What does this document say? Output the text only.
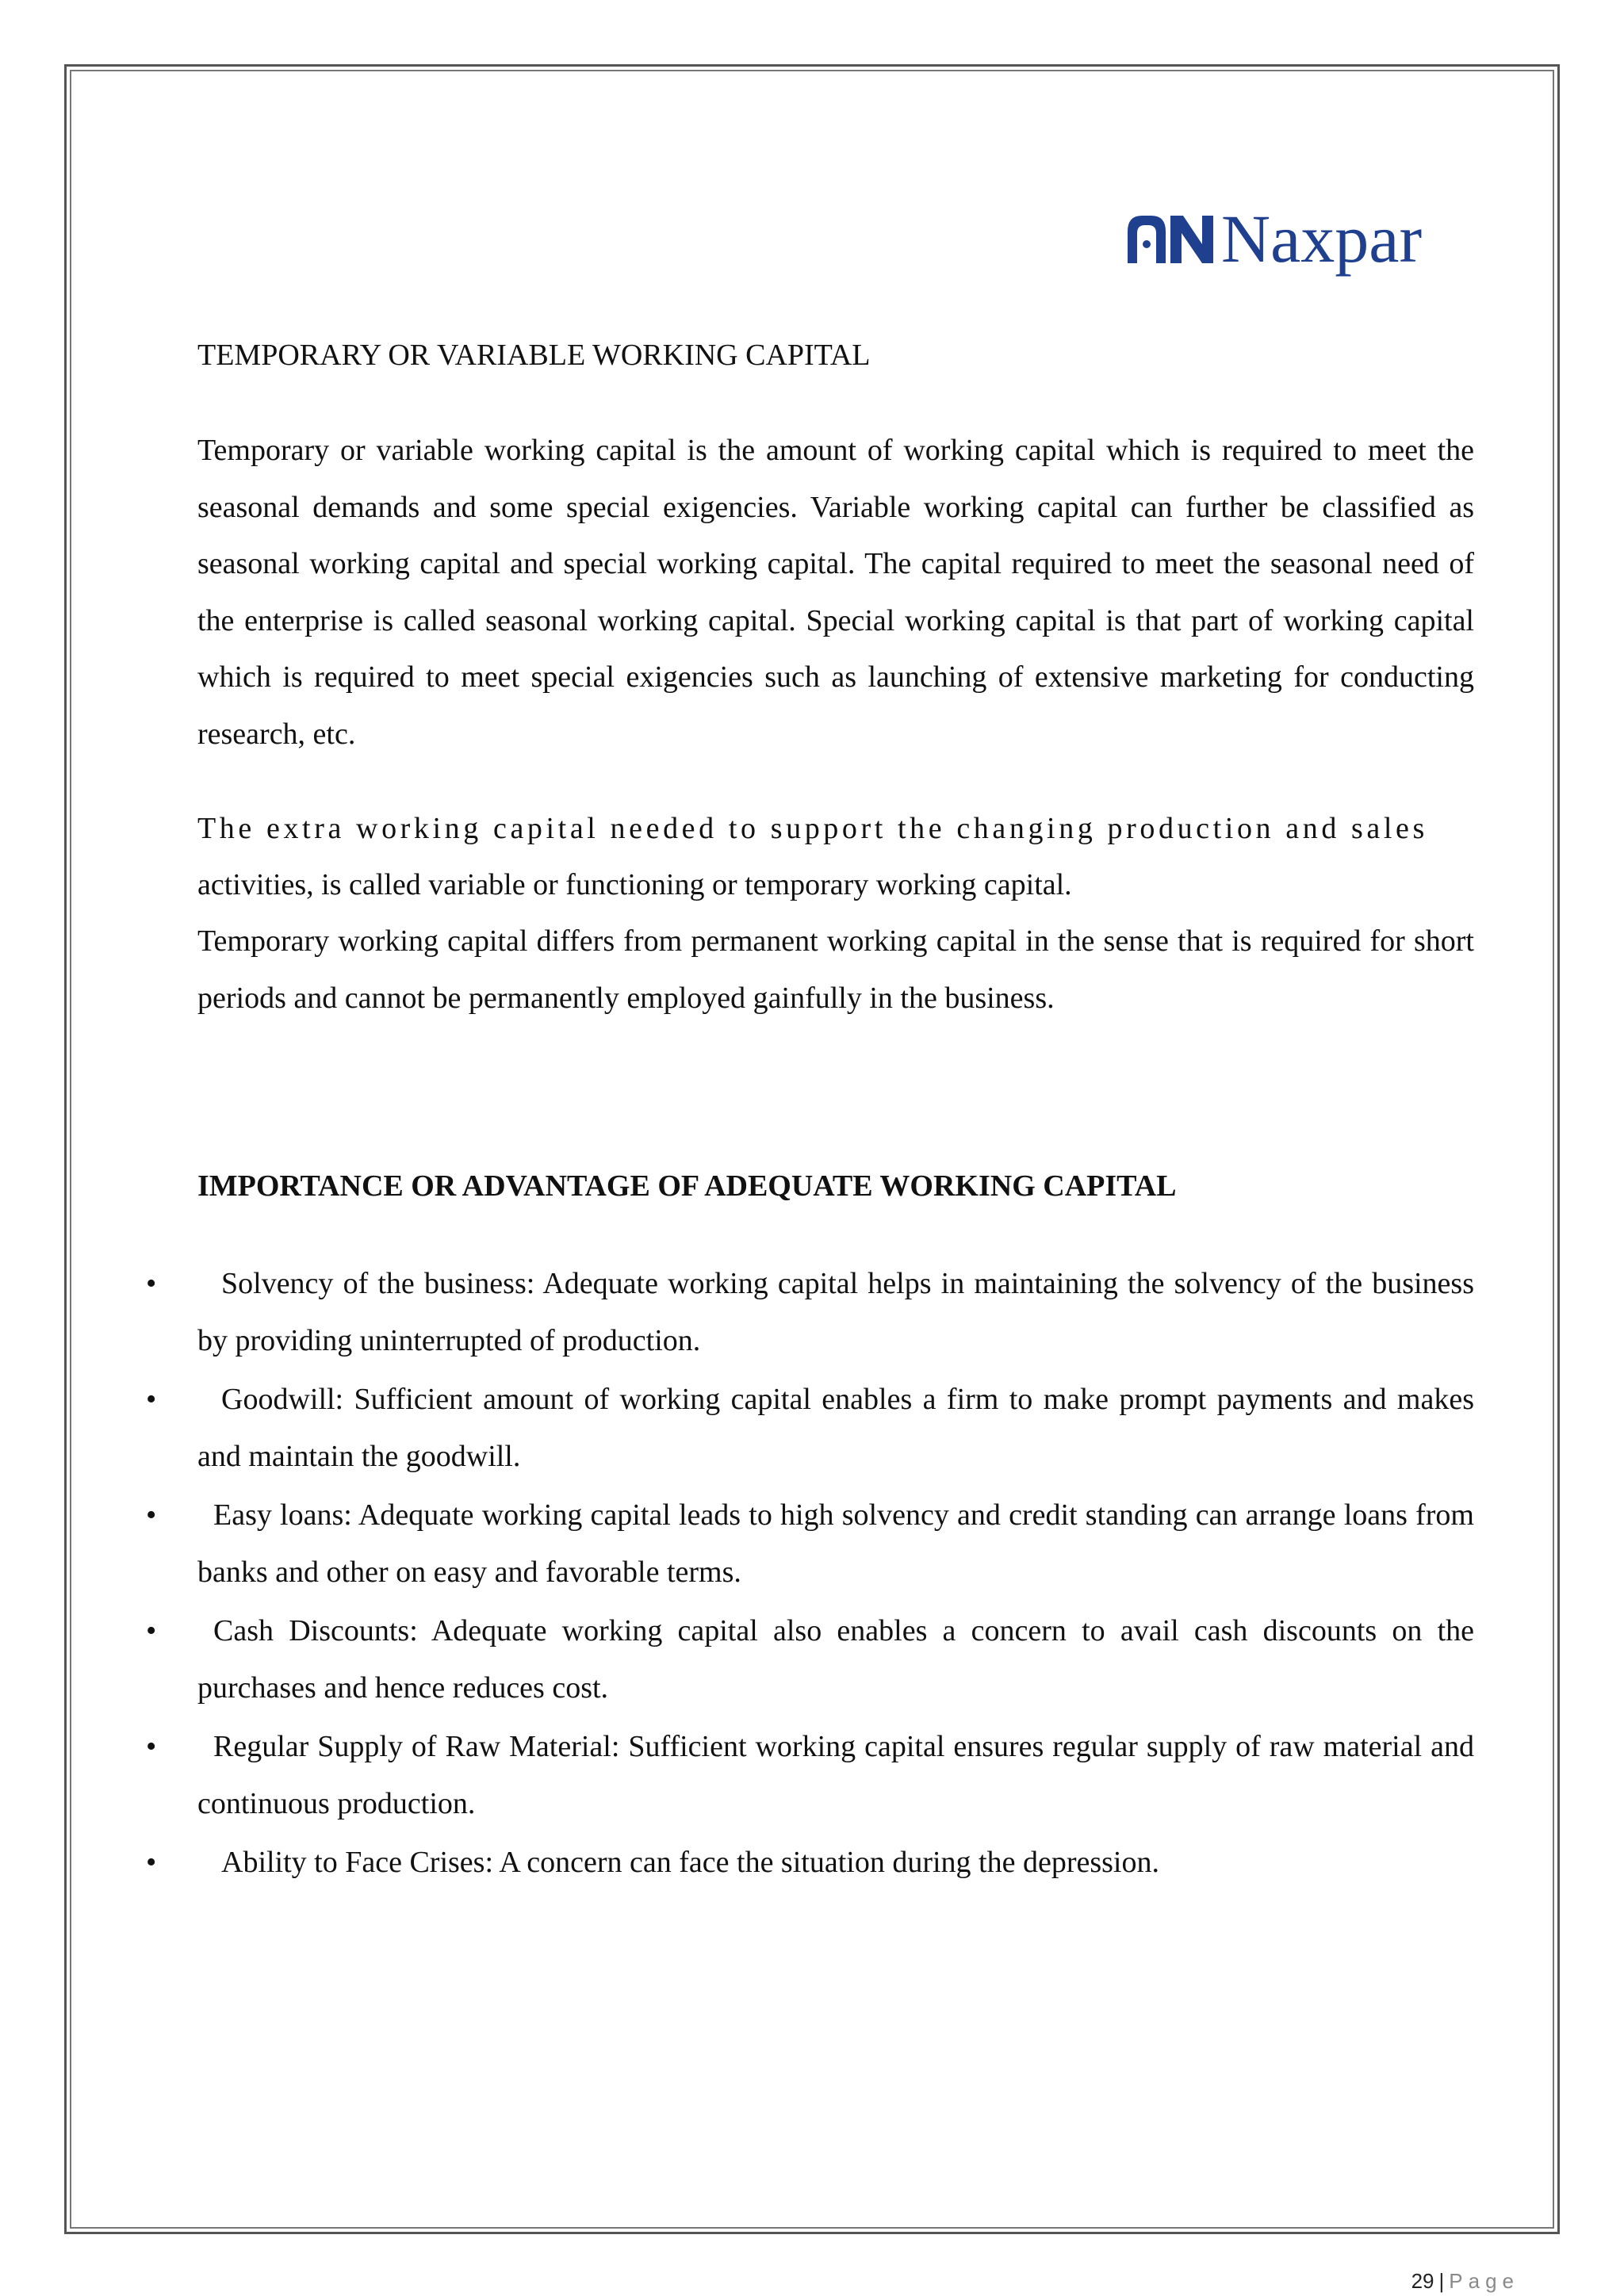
Naxpar
TEMPORARY OR VARIABLE WORKING CAPITAL

Temporary or variable working capital is the amount of working capital which is required to meet the seasonal demands and some special exigencies. Variable working capital can further be classified as seasonal working capital and special working capital. The capital required to meet the seasonal need of the enterprise is called seasonal working capital. Special working capital is that part of working capital which is required to meet special exigencies such as launching of extensive marketing for conducting research, etc.

The extra working capital needed to support the changing production and sales
activities, is called variable or functioning or temporary working capital.

Temporary working capital differs from permanent working capital in the sense that is required for short periods and cannot be permanently employed gainfully in the business.

IMPORTANCE OR ADVANTAGE OF ADEQUATE WORKING CAPITAL
• Solvency of the business: Adequate working capital helps in maintaining the solvency of the business by providing uninterrupted of production.
• Goodwill: Sufficient amount of working capital enables a firm to make prompt payments and makes and maintain the goodwill.
• Easy loans: Adequate working capital leads to high solvency and credit standing can arrange loans from banks and other on easy and favorable terms.
• Cash Discounts: Adequate working capital also enables a concern to avail cash discounts on the purchases and hence reduces cost.
• Regular Supply of Raw Material: Sufficient working capital ensures regular supply of raw material and continuous production.
• Ability to Face Crises: A concern can face the situation during the depression.
29 | Page
